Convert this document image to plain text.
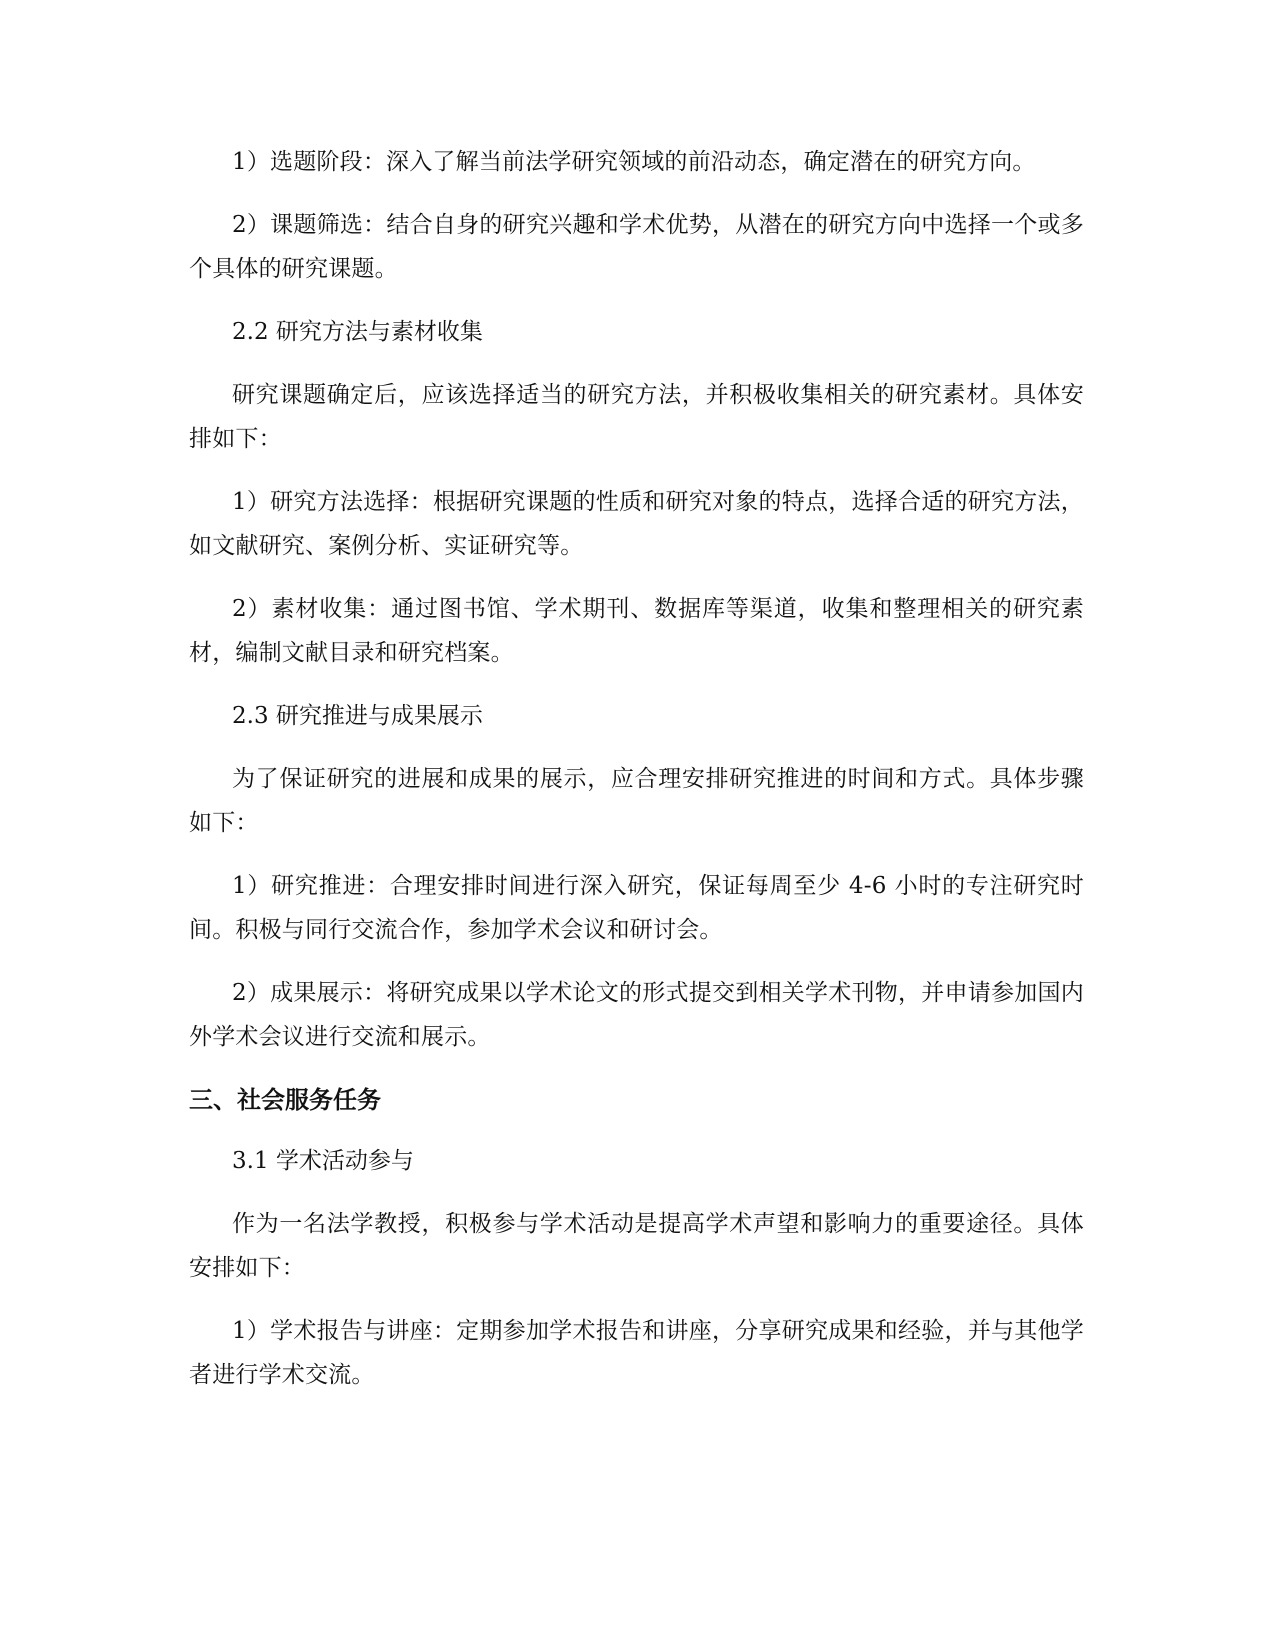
1）选题阶段：深入了解当前法学研究领域的前沿动态，确定潜在的研究方向。

2）课题筛选：结合自身的研究兴趣和学术优势，从潜在的研究方向中选择一个或多个具体的研究课题。

2.2 研究方法与素材收集

研究课题确定后，应该选择适当的研究方法，并积极收集相关的研究素材。具体安排如下：

1）研究方法选择：根据研究课题的性质和研究对象的特点，选择合适的研究方法，如文献研究、案例分析、实证研究等。

2）素材收集：通过图书馆、学术期刊、数据库等渠道，收集和整理相关的研究素材，编制文献目录和研究档案。

2.3 研究推进与成果展示

为了保证研究的进展和成果的展示，应合理安排研究推进的时间和方式。具体步骤如下：

1）研究推进：合理安排时间进行深入研究，保证每周至少 4-6 小时的专注研究时间。积极与同行交流合作，参加学术会议和研讨会。

2）成果展示：将研究成果以学术论文的形式提交到相关学术刊物，并申请参加国内外学术会议进行交流和展示。

三、社会服务任务

3.1 学术活动参与

作为一名法学教授，积极参与学术活动是提高学术声望和影响力的重要途径。具体安排如下：

1）学术报告与讲座：定期参加学术报告和讲座，分享研究成果和经验，并与其他学者进行学术交流。
